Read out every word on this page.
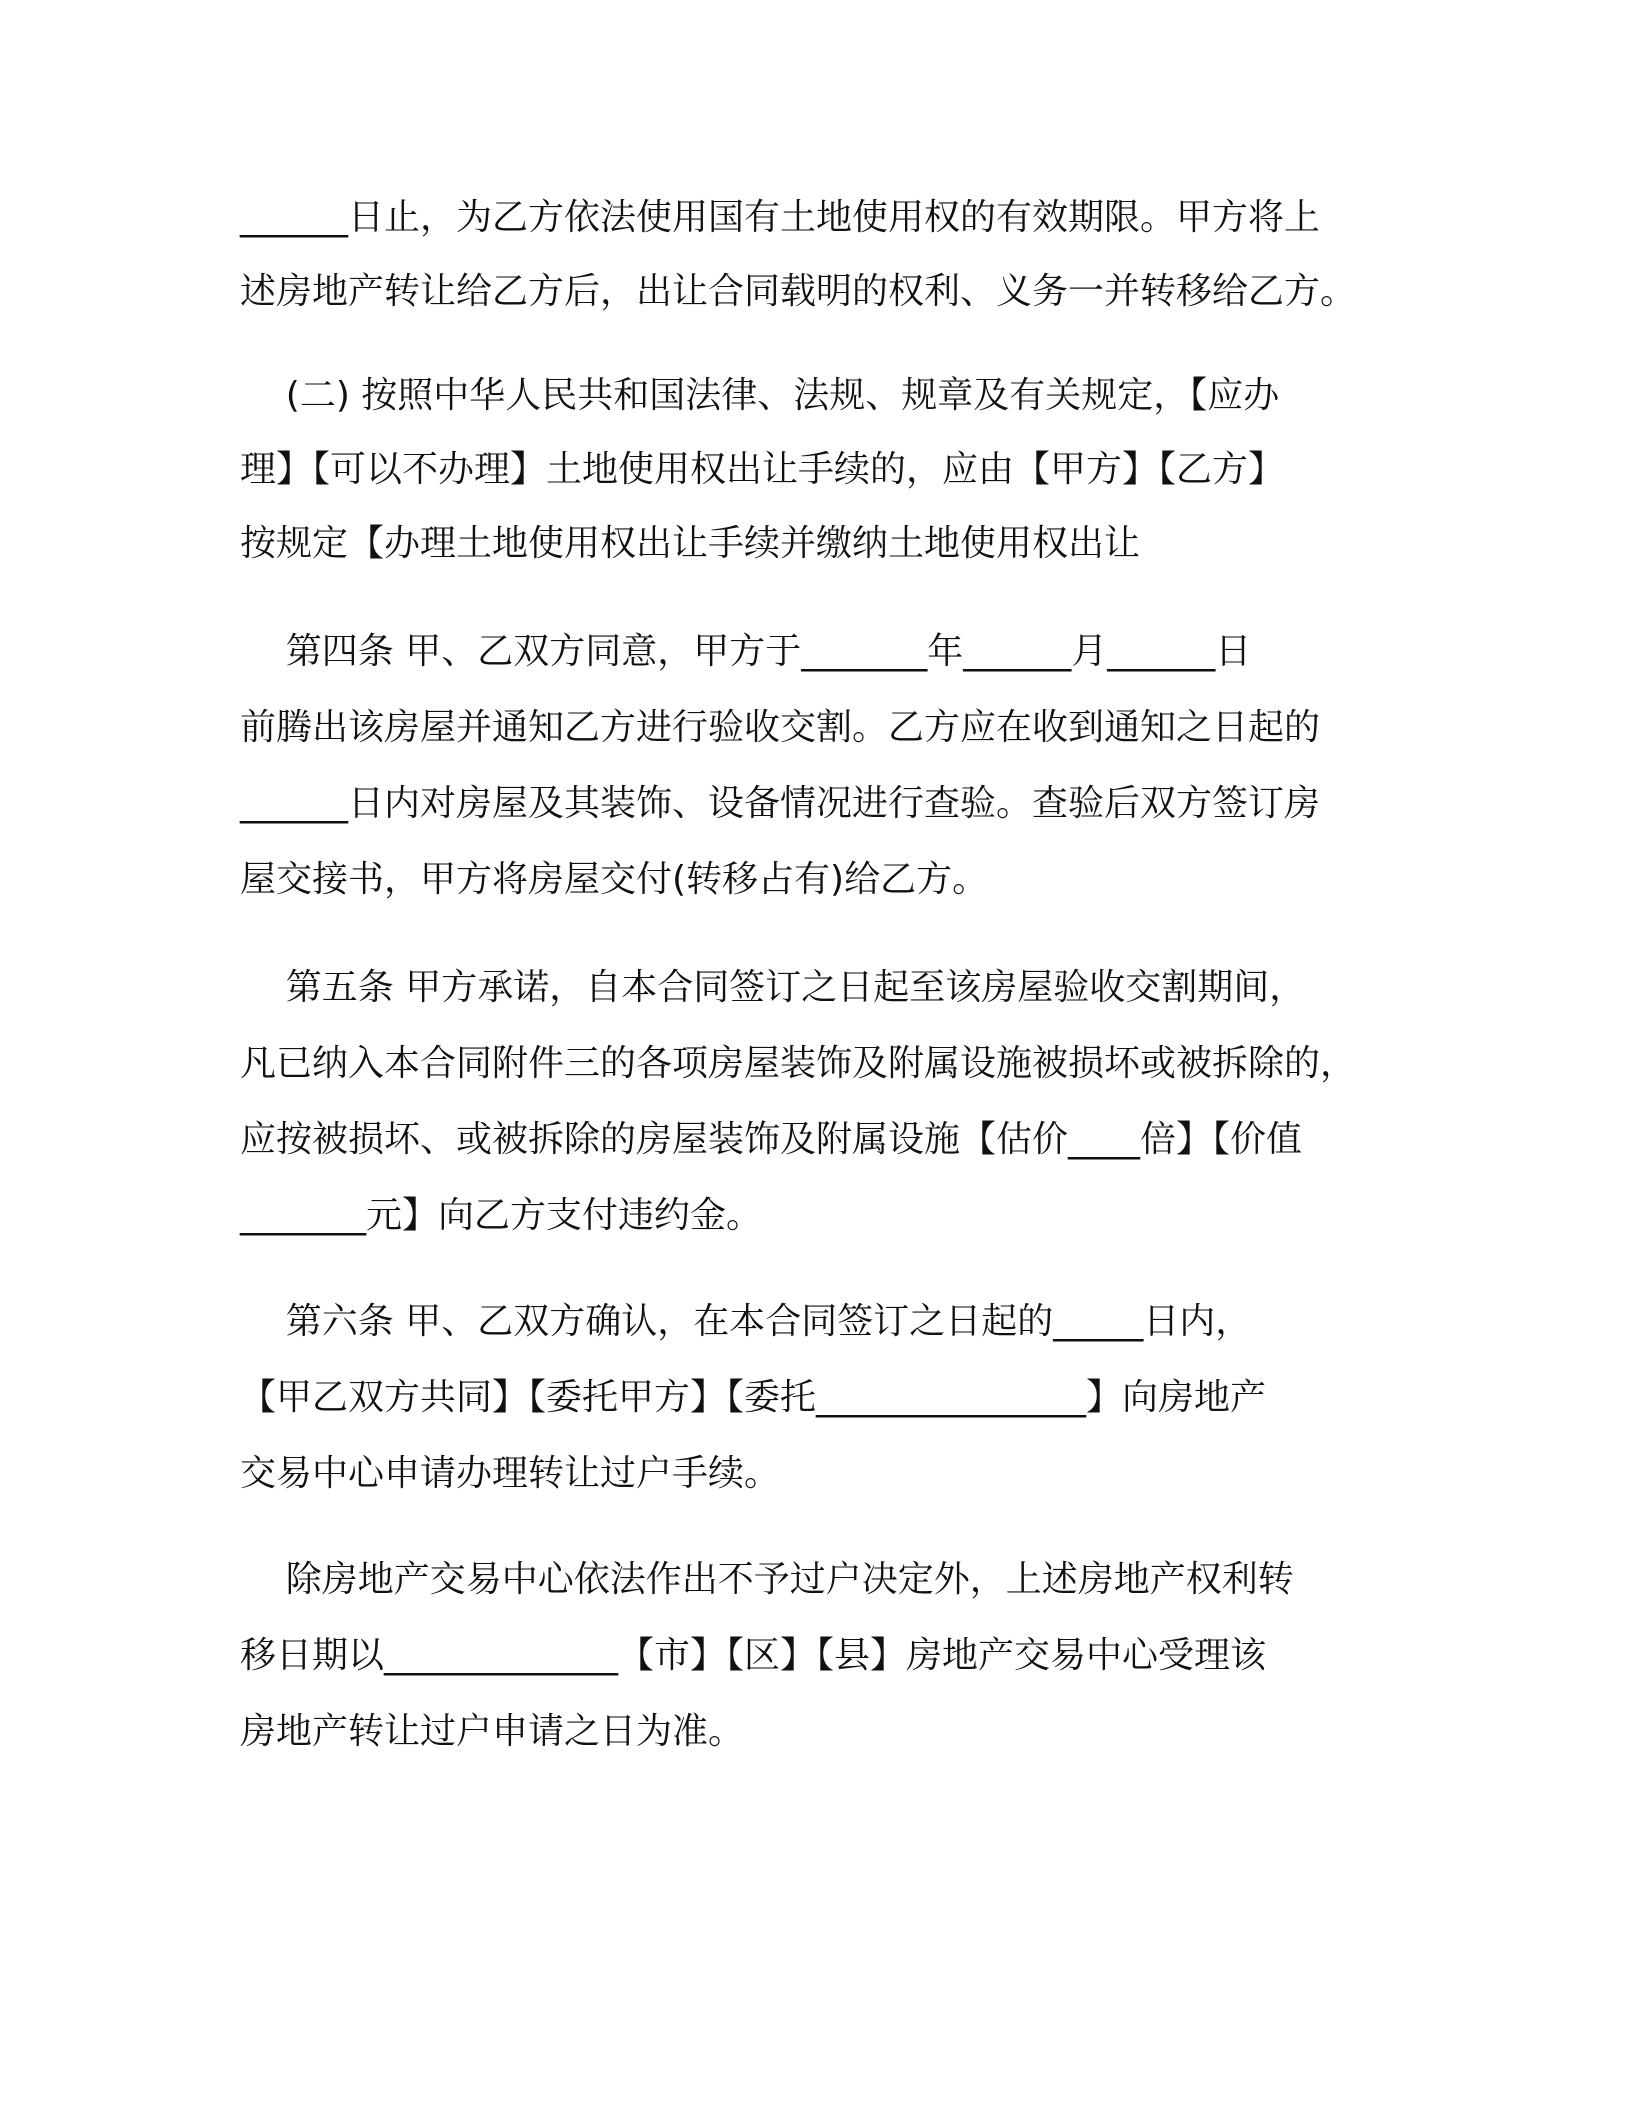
______日止，为乙方依法使用国有土地使用权的有效期限。甲方将上
述房地产转让给乙方后，出让合同载明的权利、义务一并转移给乙方。
(二) 按照中华人民共和国法律、法规、规章及有关规定，【应办
理】【可以不办理】土地使用权出让手续的，应由【甲方】【乙方】
按规定【办理土地使用权出让手续并缴纳土地使用权出让
第四条 甲、乙双方同意，甲方于_______年______月______日
前腾出该房屋并通知乙方进行验收交割。乙方应在收到通知之日起的
______日内对房屋及其装饰、设备情况进行查验。查验后双方签订房
屋交接书，甲方将房屋交付(转移占有)给乙方。
第五条 甲方承诺，自本合同签订之日起至该房屋验收交割期间，
凡已纳入本合同附件三的各项房屋装饰及附属设施被损坏或被拆除的，
应按被损坏、或被拆除的房屋装饰及附属设施【估价____倍】【价值
_______元】向乙方支付违约金。
第六条 甲、乙双方确认，在本合同签订之日起的_____日内，
【甲乙双方共同】【委托甲方】【委托_______________】向房地产
交易中心申请办理转让过户手续。
除房地产交易中心依法作出不予过户决定外，上述房地产权利转
移日期以_____________【市】【区】【县】房地产交易中心受理该
房地产转让过户申请之日为准。
